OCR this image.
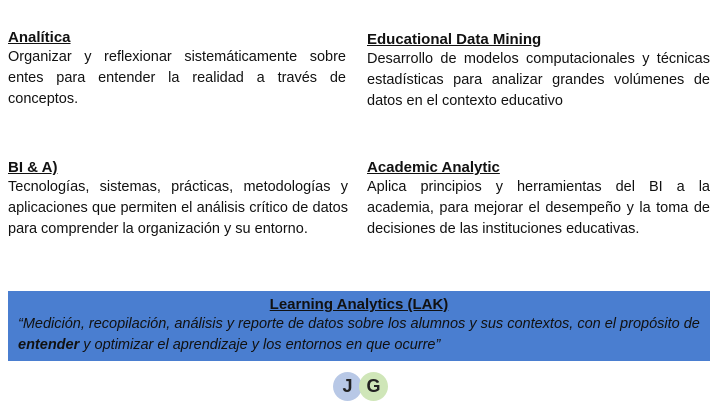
Analítica
Organizar y reflexionar sistemáticamente sobre entes para entender la realidad a través de conceptos.
Educational Data Mining
Desarrollo de modelos computacionales y técnicas estadísticas para analizar grandes volúmenes de datos en el contexto educativo
BI & A)
Tecnologías, sistemas, prácticas, metodologías y aplicaciones que permiten el análisis crítico de datos para comprender la organización y su entorno.
Academic Analytic
Aplica principios y herramientas del BI a la academia, para mejorar el desempeño y la toma de decisiones de las instituciones educativas.
Learning Analytics (LAK)
“Medición, recopilación, análisis y reporte de datos sobre los alumnos y sus contextos, con el propósito de entender y optimizar el aprendizaje y los entornos en que ocurre”
J G
